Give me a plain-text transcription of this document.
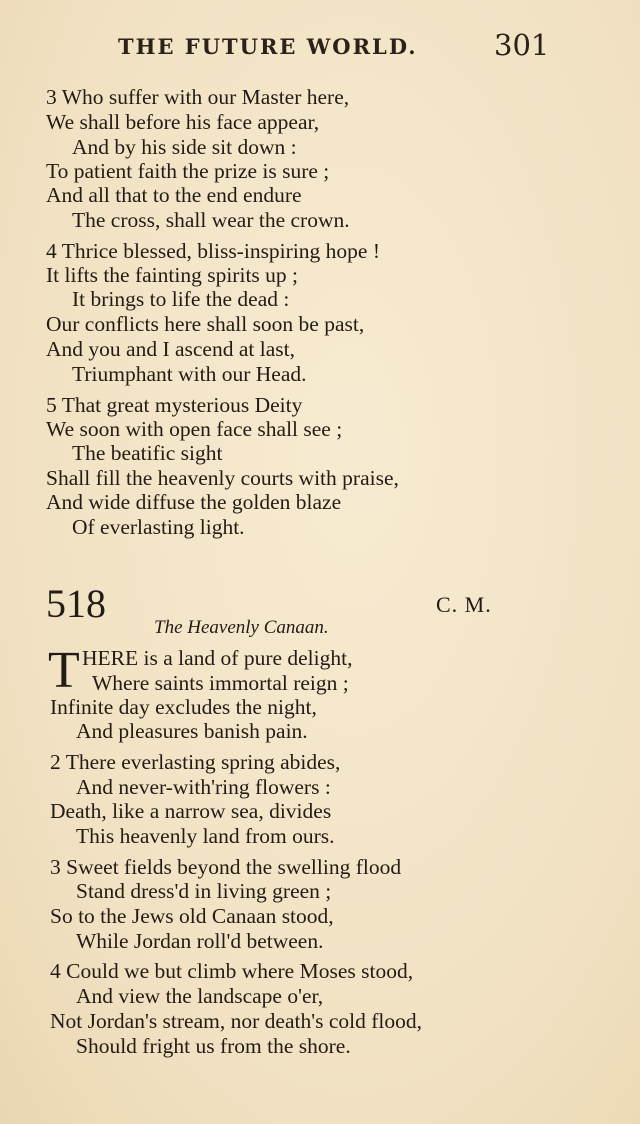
THE FUTURE WORLD.	301
3 Who suffer with our Master here,
We shall before his face appear,
And by his side sit down :
To patient faith the prize is sure ;
And all that to the end endure
The cross, shall wear the crown.
4 Thrice blessed, bliss-inspiring hope !
It lifts the fainting spirits up ;
It brings to life the dead :
Our conflicts here shall soon be past,
And you and I ascend at last,
Triumphant with our Head.
5 That great mysterious Deity
We soon with open face shall see ;
The beatific sight
Shall fill the heavenly courts with praise,
And wide diffuse the golden blaze
Of everlasting light.
518	C. M.
The Heavenly Canaan.
T HERE is a land of pure delight,
Where saints immortal reign ;
Infinite day excludes the night,
And pleasures banish pain.
2 There everlasting spring abides,
And never-with'ring flowers :
Death, like a narrow sea, divides
This heavenly land from ours.
3 Sweet fields beyond the swelling flood
Stand dress'd in living green ;
So to the Jews old Canaan stood,
While Jordan roll'd between.
4 Could we but climb where Moses stood,
And view the landscape o'er,
Not Jordan's stream, nor death's cold flood,
Should fright us from the shore.
